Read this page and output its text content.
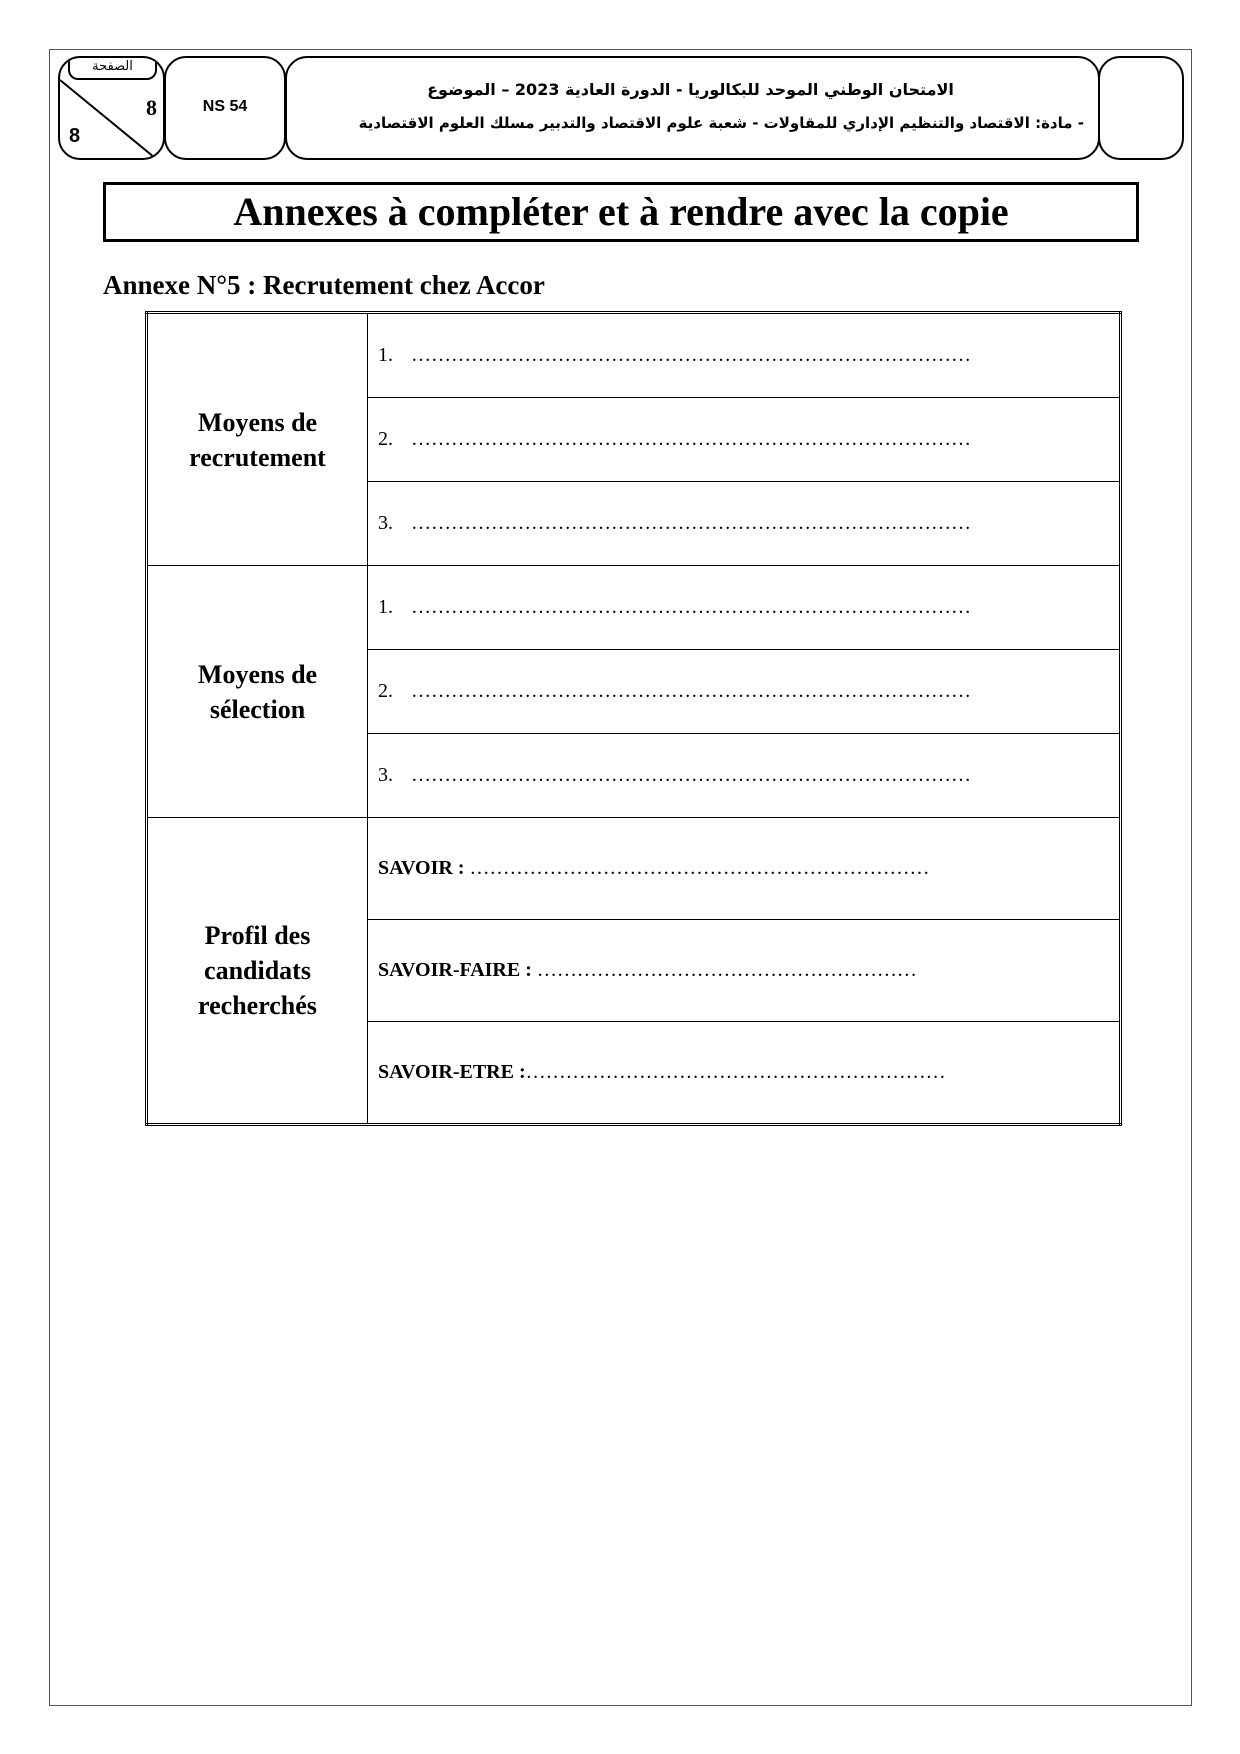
الصفحة
8
8
NS 54
الامتحان الوطني الموحد للبكالوريا - الدورة العادية 2023 – الموضوع
- مادة: الاقتصاد والتنظيم الإداري للمقاولات - شعبة علوم الاقتصاد والتدبير مسلك العلوم الاقتصادية
Annexes à compléter et à rendre avec la copie
Annexe N°5 : Recrutement chez Accor
Moyens de
recrutement	1. …………………………………………………………………………
	2. …………………………………………………………………………
	3. …………………………………………………………………………

Moyens de
sélection	1. …………………………………………………………………………
	2. …………………………………………………………………………
	3. …………………………………………………………………………

Profil des
candidats
recherchés	SAVOIR : ……………………………………………………………
	SAVOIR-FAIRE : …………………………………………………
	SAVOIR-ETRE :………………………………………………………
